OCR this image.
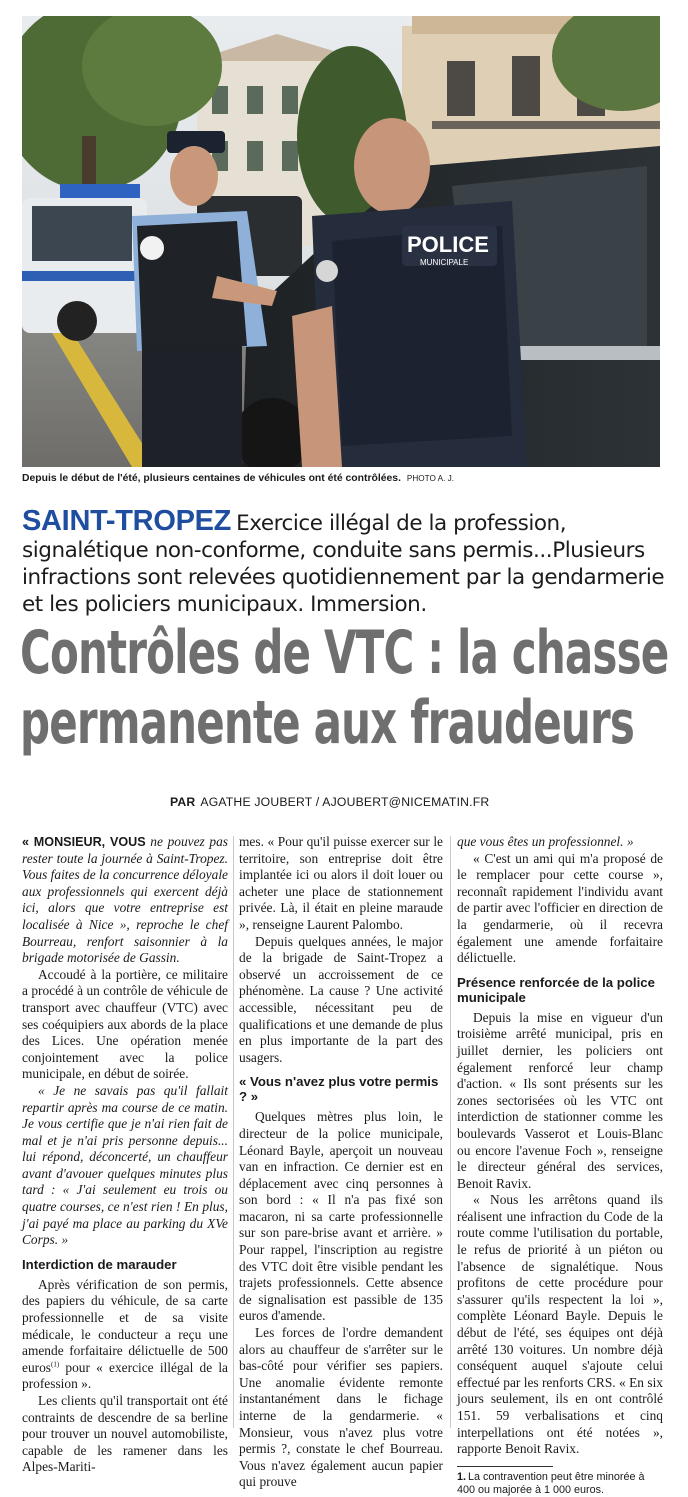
POLICE
MUNICIPALE
Depuis le début de l'été, plusieurs centaines de véhicules ont été contrôlées. PHOTO A. J.
SAINT-TROPEZ Exercice illégal de la profession, signalétique non-conforme, conduite sans permis...Plusieurs infractions sont relevées quotidiennement par la gendarmerie et les policiers municipaux. Immersion.
Contrôles de VTC : la chasse
permanente aux fraudeurs
PAR AGATHE JOUBERT / AJOUBERT@NICEMATIN.FR

« MONSIEUR, VOUS ne pouvez pas rester toute la journée à Saint-Tropez. Vous faites de la concurrence déloyale aux professionnels qui exercent déjà ici, alors que votre entreprise est localisée à Nice », reproche le chef Bourreau, renfort saisonnier à la brigade motorisée de Gassin.

Accoudé à la portière, ce militaire a procédé à un contrôle de véhicule de transport avec chauffeur (VTC) avec ses coéquipiers aux abords de la place des Lices. Une opération menée conjointement avec la police municipale, en début de soirée.

« Je ne savais pas qu'il fallait repartir après ma course de ce matin. Je vous certifie que je n'ai rien fait de mal et je n'ai pris personne depuis... lui répond, déconcerté, un chauffeur avant d'avouer quelques minutes plus tard : « J'ai seulement eu trois ou quatre courses, ce n'est rien ! En plus, j'ai payé ma place au parking du XVe Corps. »

Interdiction de marauder

Après vérification de son permis, des papiers du véhicule, de sa carte professionnelle et de sa visite médicale, le conducteur a reçu une amende forfaitaire délictuelle de 500 euros$^{(1)}$ pour « exercice illégal de la profession ».

Les clients qu'il transportait ont été contraints de descendre de sa berline pour trouver un nouvel automobiliste, capable de les ramener dans les Alpes-Mariti-

mes. « Pour qu'il puisse exercer sur le territoire, son entreprise doit être implantée ici ou alors il doit louer ou acheter une place de stationnement privée. Là, il était en pleine maraude », renseigne Laurent Palombo.

Depuis quelques années, le major de la brigade de Saint-Tropez a observé un accroissement de ce phénomène. La cause ? Une activité accessible, nécessitant peu de qualifications et une demande de plus en plus importante de la part des usagers.

« Vous n'avez plus votre permis ? »

Quelques mètres plus loin, le directeur de la police municipale, Léonard Bayle, aperçoit un nouveau van en infraction. Ce dernier est en déplacement avec cinq personnes à son bord : « Il n'a pas fixé son macaron, ni sa carte professionnelle sur son pare-brise avant et arrière. » Pour rappel, l'inscription au registre des VTC doit être visible pendant les trajets professionnels. Cette absence de signalisation est passible de 135 euros d'amende.

Les forces de l'ordre demandent alors au chauffeur de s'arrêter sur le bas-côté pour vérifier ses papiers. Une anomalie évidente remonte instantanément dans le fichage interne de la gendarmerie. « Monsieur, vous n'avez plus votre permis ?, constate le chef Bourreau. Vous n'avez également aucun papier qui prouve

que vous êtes un professionnel. »

« C'est un ami qui m'a proposé de le remplacer pour cette course », reconnaît rapidement l'individu avant de partir avec l'officier en direction de la gendarmerie, où il recevra également une amende forfaitaire délictuelle.

Présence renforcée de la police municipale

Depuis la mise en vigueur d'un troisième arrêté municipal, pris en juillet dernier, les policiers ont également renforcé leur champ d'action. « Ils sont présents sur les zones sectorisées où les VTC ont interdiction de stationner comme les boulevards Vasserot et Louis-Blanc ou encore l'avenue Foch », renseigne le directeur général des services, Benoit Ravix.

« Nous les arrêtons quand ils réalisent une infraction du Code de la route comme l'utilisation du portable, le refus de priorité à un piéton ou l'absence de signalétique. Nous profitons de cette procédure pour s'assurer qu'ils respectent la loi », complète Léonard Bayle. Depuis le début de l'été, ses équipes ont déjà arrêté 130 voitures. Un nombre déjà conséquent auquel s'ajoute celui effectué par les renforts CRS. « En six jours seulement, ils en ont contrôlé 151. 59 verbalisations et cinq interpellations ont été notées », rapporte Benoit Ravix.

1. La contravention peut être minorée à 400 ou majorée à 1 000 euros.
